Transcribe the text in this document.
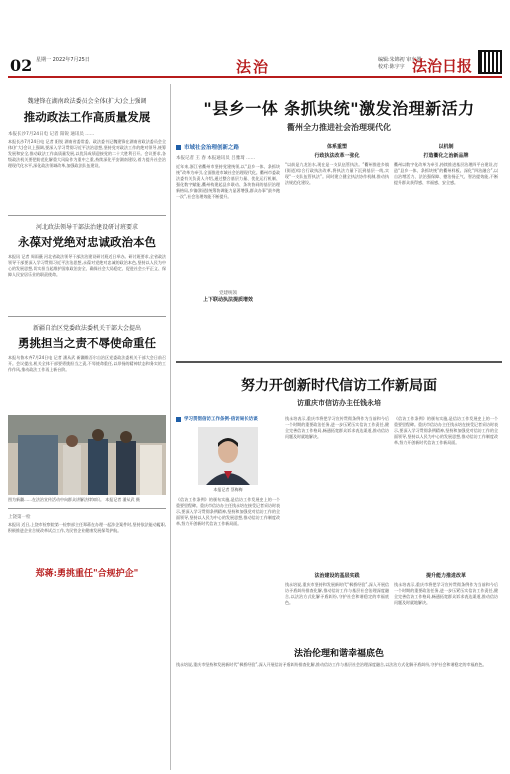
02 星期一 2022年7月25日	法治	编辑:朱锦初 审车器
校对:陈宇宇 法治日报
魏建锋在湖南政法委员会全体(扩大)会上强调
推动政法工作高质量发展
本报长沙7月24日电 记者 阳锐 通讯员 ……
本报长沙7月24日电 记者 阳锐 湖南省委常委、政法委书记魏建锋在湖南省政法委员会全体(扩大)会议上强调,要深入学习贯彻习近平法治思想,坚持党对政法工作的绝对领导,统筹发展和安全,推动政法工作高质量发展,以优异成绩迎接党的二十大胜利召开。会议要求,各级政法机关要把防范化解重大风险作为重中之重,持续深化平安湖南建设,着力提升社会治理现代化水平,深化政法领域改革,加强政法队伍建设。
河北政法领导干部法治建设研讨班要求
永葆对党绝对忠诚政治本色
本报讯 记者 周雨薇 河北省政法领导干部法治建设研讨班近日举办。研讨班要求,全省政法领导干部要深入学习贯彻习近平法治思想,永葆对党绝对忠诚的政治本色,坚持以人民为中心的发展思想,切实担当起维护国家政治安全、确保社会大局稳定、促进社会公平正义、保障人民安居乐业的职责使命。
新疆自治区党委政法委机关干部大会提出
勇挑担当之责不辱使命重任
本报乌鲁木齐7月24日电 记者 潘从武 新疆维吾尔自治区党委政法委机关干部大会日前召开。会议提出,机关全体干部要勇挑担当之责,不辱使命重任,以昂扬的精神状态和务实的工作作风,推动政法工作再上新台阶。
图为新疆……在法治宣传活动中向群众讲解法律知识。 本报记者 潘从武 摄
上饶第一检
本报讯 近日,上饶市检察院第一检察部主任郑蒋在办理一起涉企案件时,坚持依法能动履职,积极推进企业合规改革试点工作,为民营企业健康发展保驾护航。
郑蒋:勇挑重任"合规护企"
"县乡一体 条抓块统"激发治理新活力
衢州全力推进社会治理现代化
市域社会治理创新之路
本报记者 王 春 本报通讯员 吕雅琦 ……
近年来,浙江省衢州市坚持党建统领,以“县乡一体、条抓块统”改革为牵引,全面推进市域社会治理现代化。衢州市委政法委有关负责人介绍,通过整合基层力量、优化运行机制、强化数字赋能,衢州构建起县乡联动、条块协同的基层治理新格局,乡镇(街道)统筹协调能力显著增强,群众办事“最多跑一次”,社会治理效能不断提升。
党建统领
上下联动执法提质增效
体系重塑
行政执法改革一张化
“以前是九龙治水,现在是一支队伍管执法。”衢州推进乡镇(街道)综合行政执法改革,将执法力量下沉到基层一线,实现“一支队伍管执法”。同时建立健全执法协作机制,推动执法规范化建设。
以机制
打造衢化之治新品牌
衢州以数字化改革为牵引,持续推进基层治理四平台建设,打造“县乡一体、条抓块统”的衢州样板。深化“四治融合”,以自治增活力、法治强保障、德治扬正气、智治提效能,不断提升群众获得感、幸福感、安全感。
努力开创新时代信访工作新局面
访重庆市信访办主任钱永培
学习贯彻信访工作条例·信访局长访谈
本报记者 蔡梅梅
《信访工作条例》的颁布实施,是信访工作发展史上的一个重要里程碑。重庆市信访办主任钱永培在接受记者采访时表示,要深入学习贯彻条例精神,坚持和加强党对信访工作的全面领导,坚持以人民为中心的发展思想,推动信访工作制度改革,努力开创新时代信访工作新局面。
钱永培表示,重庆市将把学习宣传贯彻条例作为当前和今后一个时期的重要政治任务,进一步压紧压实信访工作责任,健全完善信访工作格局,畅通拓宽群众诉求表达渠道,推动信访问题及时就地解决。
法治建设的基层实践
钱永培说,重庆市坚持和发展新时代“枫桥经验”,深入开展信访矛盾纠纷排查化解,推动信访工作与基层社会治理深度融合,以法治方式化解矛盾纠纷,守护社会和谐稳定的幸福底色。
《信访工作条例》的颁布实施,是信访工作发展史上的一个重要里程碑。重庆市信访办主任钱永培在接受记者采访时表示,要深入学习贯彻条例精神,坚持和加强党对信访工作的全面领导,坚持以人民为中心的发展思想,推动信访工作制度改革,努力开创新时代信访工作新局面。
提升能力推进改革
钱永培表示,重庆市将把学习宣传贯彻条例作为当前和今后一个时期的重要政治任务,进一步压紧压实信访工作责任,健全完善信访工作格局,畅通拓宽群众诉求表达渠道,推动信访问题及时就地解决。
法治伦理和谐幸福底色
钱永培说,重庆市坚持和发展新时代“枫桥经验”,深入开展信访矛盾纠纷排查化解,推动信访工作与基层社会治理深度融合,以法治方式化解矛盾纠纷,守护社会和谐稳定的幸福底色。
